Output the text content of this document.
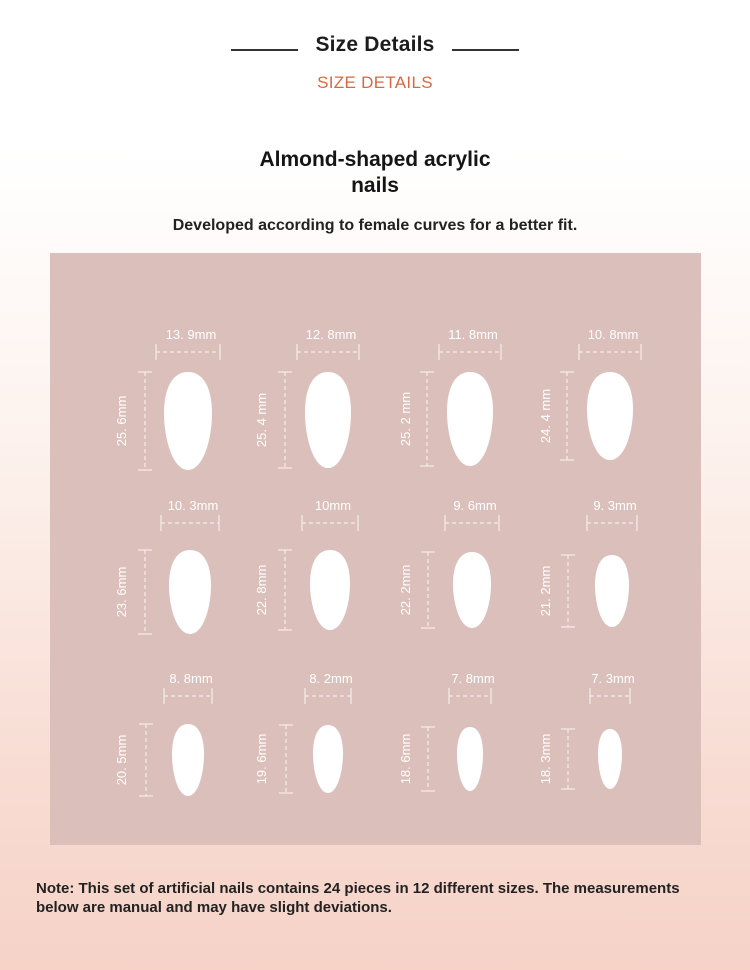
Size Details
SIZE DETAILS
Almond-shaped acrylic
nails
Developed according to female curves for a better fit.
13. 9mm
25. 6mm
12. 8mm
25. 4 mm
11. 8mm
25. 2 mm
10. 8mm
24. 4 mm
10. 3mm
23. 6mm
10mm
22. 8mm
9. 6mm
22. 2mm
9. 3mm
21. 2mm
8. 8mm
20. 5mm
8. 2mm
19. 6mm
7. 8mm
18. 6mm
7. 3mm
18. 3mm
Note: This set of artificial nails contains 24 pieces in 12 different sizes. The measurements below are manual and may have slight deviations.
